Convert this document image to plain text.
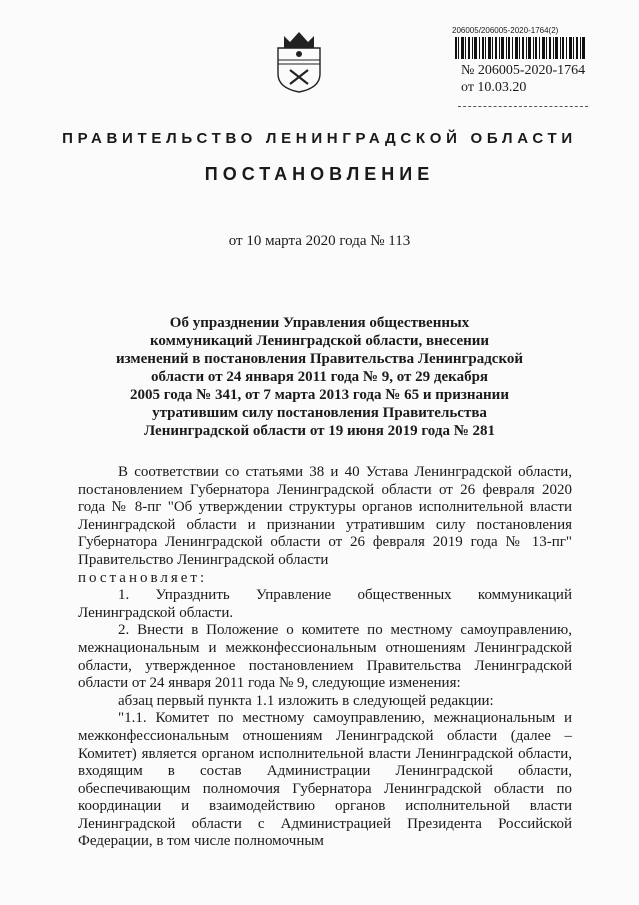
206005/206005-2020-1764(2)
№ 206005-2020-1764
от 10.03.20
ПРАВИТЕЛЬСТВО ЛЕНИНГРАДСКОЙ ОБЛАСТИ
ПОСТАНОВЛЕНИЕ
от 10 марта 2020 года № 113
Об упразднении Управления общественных
коммуникаций Ленинградской области, внесении
изменений в постановления Правительства Ленинградской
области от 24 января 2011 года № 9, от 29 декабря
2005 года № 341, от 7 марта 2013 года № 65 и признании
утратившим силу постановления Правительства
Ленинградской области от 19 июня 2019 года № 281

В соответствии со статьями 38 и 40 Устава Ленинградской области, постановлением Губернатора Ленинградской области от 26 февраля 2020 года № 8-пг "Об утверждении структуры органов исполнительной власти Ленинградской области и признании утратившим силу постановления Губернатора Ленинградской области от 26 февраля 2019 года № 13-пг" Правительство Ленинградской области

постановляет:

1. Упразднить Управление общественных коммуникаций Ленинградской области.

2. Внести в Положение о комитете по местному самоуправлению, межнациональным и межконфессиональным отношениям Ленинградской области, утвержденное постановлением Правительства Ленинградской области от 24 января 2011 года № 9, следующие изменения:

абзац первый пункта 1.1 изложить в следующей редакции:

"1.1. Комитет по местному самоуправлению, межнациональным и межконфессиональным отношениям Ленинградской области (далее – Комитет) является органом исполнительной власти Ленинградской области, входящим в состав Администрации Ленинградской области, обеспечивающим полномочия Губернатора Ленинградской области по координации и взаимодействию органов исполнительной власти Ленинградской области с Администрацией Президента Российской Федерации, в том числе полномочным
